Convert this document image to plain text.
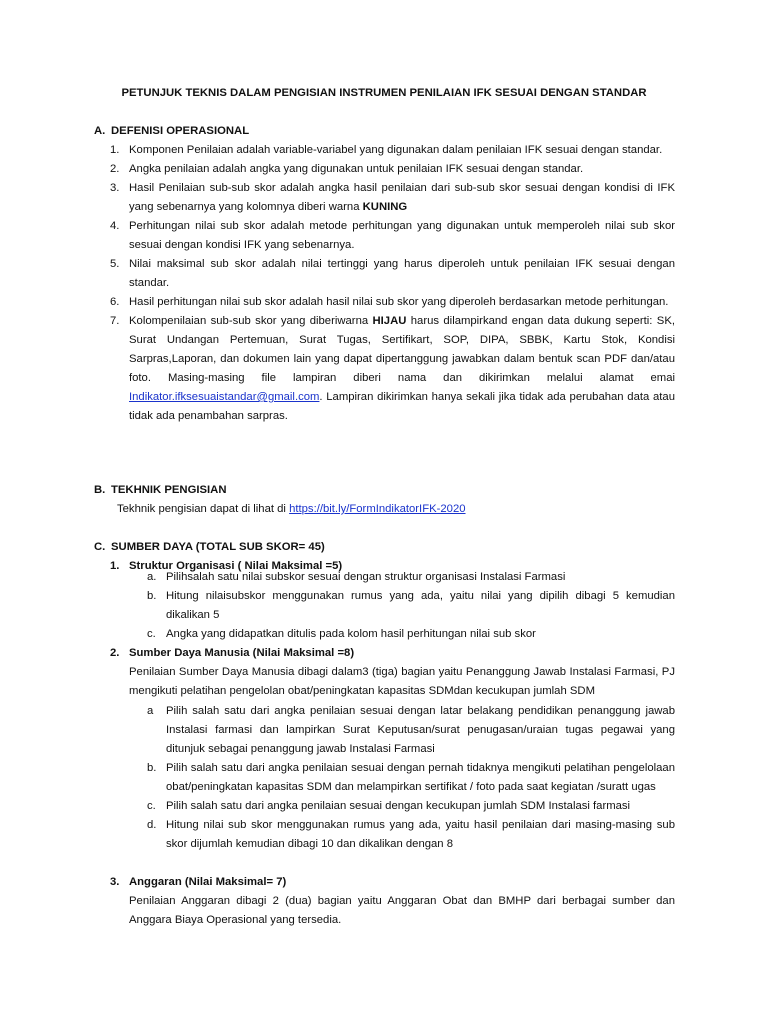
PETUNJUK TEKNIS DALAM PENGISIAN INSTRUMEN PENILAIAN IFK SESUAI DENGAN STANDAR
A. DEFENISI OPERASIONAL
1. Komponen Penilaian adalah variable-variabel yang digunakan dalam penilaian IFK sesuai dengan standar.
2. Angka penilaian adalah angka yang digunakan untuk penilaian IFK sesuai dengan standar.
3. Hasil Penilaian sub-sub skor adalah angka hasil penilaian dari sub-sub skor sesuai dengan kondisi di IFK yang sebenarnya yang kolomnya diberi warna KUNING
4. Perhitungan nilai sub skor adalah metode perhitungan yang digunakan untuk memperoleh nilai sub skor sesuai dengan kondisi IFK yang sebenarnya.
5. Nilai maksimal sub skor adalah nilai tertinggi yang harus diperoleh untuk penilaian IFK sesuai dengan standar.
6. Hasil perhitungan nilai sub skor adalah hasil nilai sub skor yang diperoleh berdasarkan metode perhitungan.
7. Kolompenilaian sub-sub skor yang diberiwarna HIJAU harus dilampirkand engan data dukung seperti: SK, Surat Undangan Pertemuan, Surat Tugas, Sertifikart, SOP, DIPA, SBBK, Kartu Stok, Kondisi Sarpras,Laporan, dan dokumen lain yang dapat dipertanggung jawabkan dalam bentuk scan PDF dan/atau foto. Masing-masing file lampiran diberi nama dan dikirimkan melalui alamat emai Indikator.ifksesuaistandar@gmail.com. Lampiran dikirimkan hanya sekali jika tidak ada perubahan data atau tidak ada penambahan sarpras.
B. TEKHNIK PENGISIAN
Tekhnik pengisian dapat di lihat di https://bit.ly/FormIndikatorIFK-2020
C. SUMBER DAYA (TOTAL SUB SKOR= 45)
1. Struktur Organisasi ( Nilai Maksimal =5)
a. Pilihsalah satu nilai subskor sesuai dengan struktur organisasi Instalasi Farmasi
b. Hitung nilaisubskor menggunakan rumus yang ada, yaitu nilai yang dipilih dibagi 5 kemudian dikalikan 5
c. Angka yang didapatkan ditulis pada kolom hasil perhitungan nilai sub skor
2. Sumber Daya Manusia (Nilai Maksimal =8)
Penilaian Sumber Daya Manusia dibagi dalam3 (tiga) bagian yaitu Penanggung Jawab Instalasi Farmasi, PJ mengikuti pelatihan pengelolan obat/peningkatan kapasitas SDMdan kecukupan jumlah SDM
a Pilih salah satu dari angka penilaian sesuai dengan latar belakang pendidikan penanggung jawab Instalasi farmasi dan lampirkan Surat Keputusan/surat penugasan/uraian tugas pegawai yang ditunjuk sebagai penanggung jawab Instalasi Farmasi
b. Pilih salah satu dari angka penilaian sesuai dengan pernah tidaknya mengikuti pelatihan pengelolaan obat/peningkatan kapasitas SDM dan melampirkan sertifikat / foto pada saat kegiatan /suratt ugas
c. Pilih salah satu dari angka penilaian sesuai dengan kecukupan jumlah SDM Instalasi farmasi
d. Hitung nilai sub skor menggunakan rumus yang ada, yaitu hasil penilaian dari masing-masing sub skor dijumlah kemudian dibagi 10 dan dikalikan dengan 8
3. Anggaran (Nilai Maksimal= 7)
Penilaian Anggaran dibagi 2 (dua) bagian yaitu Anggaran Obat dan BMHP dari berbagai sumber dan Anggara Biaya Operasional yang tersedia.
